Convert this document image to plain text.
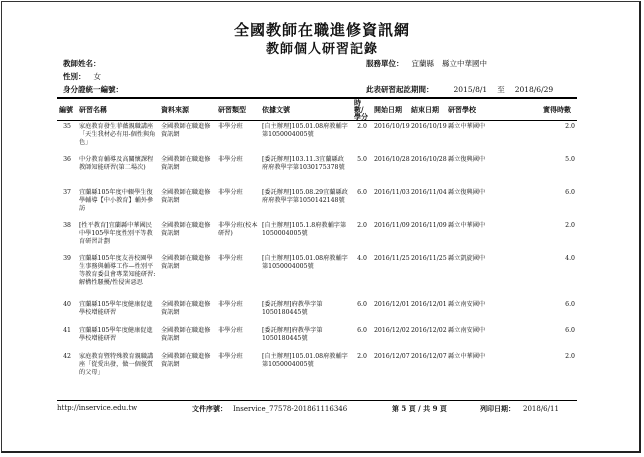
全國教師在職進修資訊網
教師個人研習記錄
教師姓名：
性別： 女
身分證統一編號：
服務單位： 宜蘭縣 縣立中華國中
此表研習起訖期間：	2015/8/1 至 2018/6/29
編號	研習名稱	資料來源	研習類型	依據文號	時數/學分	開始日期	結束日期	研習學校	實得時數
35	家庭教育發生菲薇親職講座「天生我材必有用-個性與角色」	全國教師在職進修資訊網	非學分班	[自主辦理]105.01.08府教輔字第1050004005號	2.0	2016/10/19	2016/10/19	縣立中華國中	2.0
36	中分教育輔導及高關懷課程教師知能研習(第二場次)	全國教師在職進修資訊網	非學分班	[委託辦理]103.11.3宜蘭縣政府府教學字第1030175378號	5.0	2016/10/28	2016/10/28	縣立復興國中	5.0
37	宜蘭縣105年度中輟學生復學輔導【中小教育】輔外參訪	全國教師在職進修資訊網	非學分班	[委託辦理]105.08.29宜蘭縣政府府教學字第1050142148號	6.0	2016/11/03	2016/11/04	縣立復興國中	6.0
38	[性平教育]宜蘭縣中華國民中學105學年度性別平等教育研習計劃	全國教師在職進修資訊網	非學分班(校本研習)	[自主辦理]105.1.8府教輔字第1050004005號	2.0	2016/11/09	2016/11/09	縣立中華國中	2.0
39	宜蘭縣105年度友善校園學生事務與輔導工作—性別平等教育委員會專業知能研習:解構性騷擾/性侵害惡思	全國教師在職進修資訊網	非學分班	[自主辦理]105.01.08府教輔字第1050004005號	4.0	2016/11/25	2016/11/25	縣立凱旋國中	4.0
40	宜蘭縣105學年度健康促進學校增能研習	全國教師在職進修資訊網	非學分班	[委託辦理]府教學字第1050180445號	6.0	2016/12/01	2016/12/01	縣立南安國中	6.0
41	宜蘭縣105學年度健康促進學校增能研習	全國教師在職進修資訊網	非學分班	[委託辦理]府教學字第1050180445號	6.0	2016/12/02	2016/12/02	縣立南安國中	6.0
42	家庭教育暨特殊教育親職講座「從愛出發，做一個優質的父母」	全國教師在職進修資訊網	非學分班	[自主辦理]105.01.08府教輔字第1050004005號	2.0	2016/12/07	2016/12/07	縣立中華國中	2.0
http://inservice.edu.tw	文件序號： Inservice_77578-201861116346	第 5 頁 / 共 9 頁	列印日期： 2018/6/11
